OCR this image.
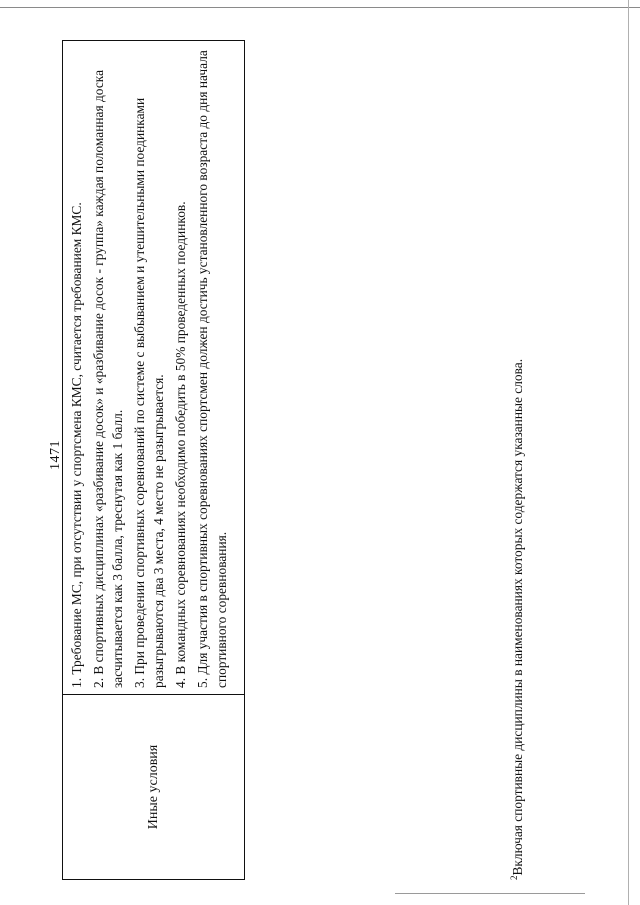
1471
Иные условия

1. Требование МС, при отсутствии у спортсмена КМС, считается требованием КМС. 2. В спортивных дисциплинах «разбивание досок» и «разбивание досок - группа» каждая поломанная доска засчитывается как 3 балла, треснутая как 1 балл. 3. При проведении спортивных соревнований по системе с выбыванием и утешительными поединками разыгрываются два 3 места, 4 место не разыгрывается. 4. В командных соревнованиях необходимо победить в 50% проведенных поединков. 5. Для участия в спортивных соревнованиях спортсмен должен достичь установленного возраста до дня начала спортивного соревнования.

$^2$Включая спортивные дисциплины в наименованиях которых содержатся указанные слова.
